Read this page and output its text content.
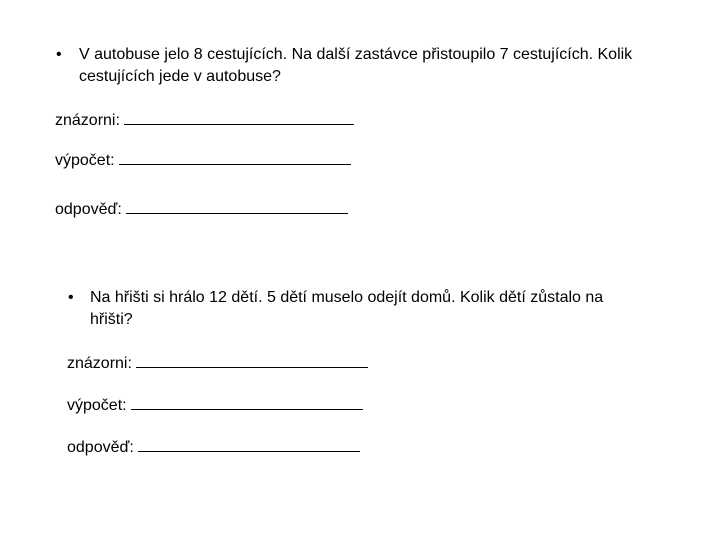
•	V autobuse jelo 8 cestujících. Na další zastávce přistoupilo 7 cestujících. Kolik cestujících jede v autobuse?
znázorni:
výpočet:
odpověď:
•	Na hřišti si hrálo 12 dětí. 5 dětí muselo odejít domů. Kolik dětí zůstalo na hřišti?
znázorni:
výpočet:
odpověď:
